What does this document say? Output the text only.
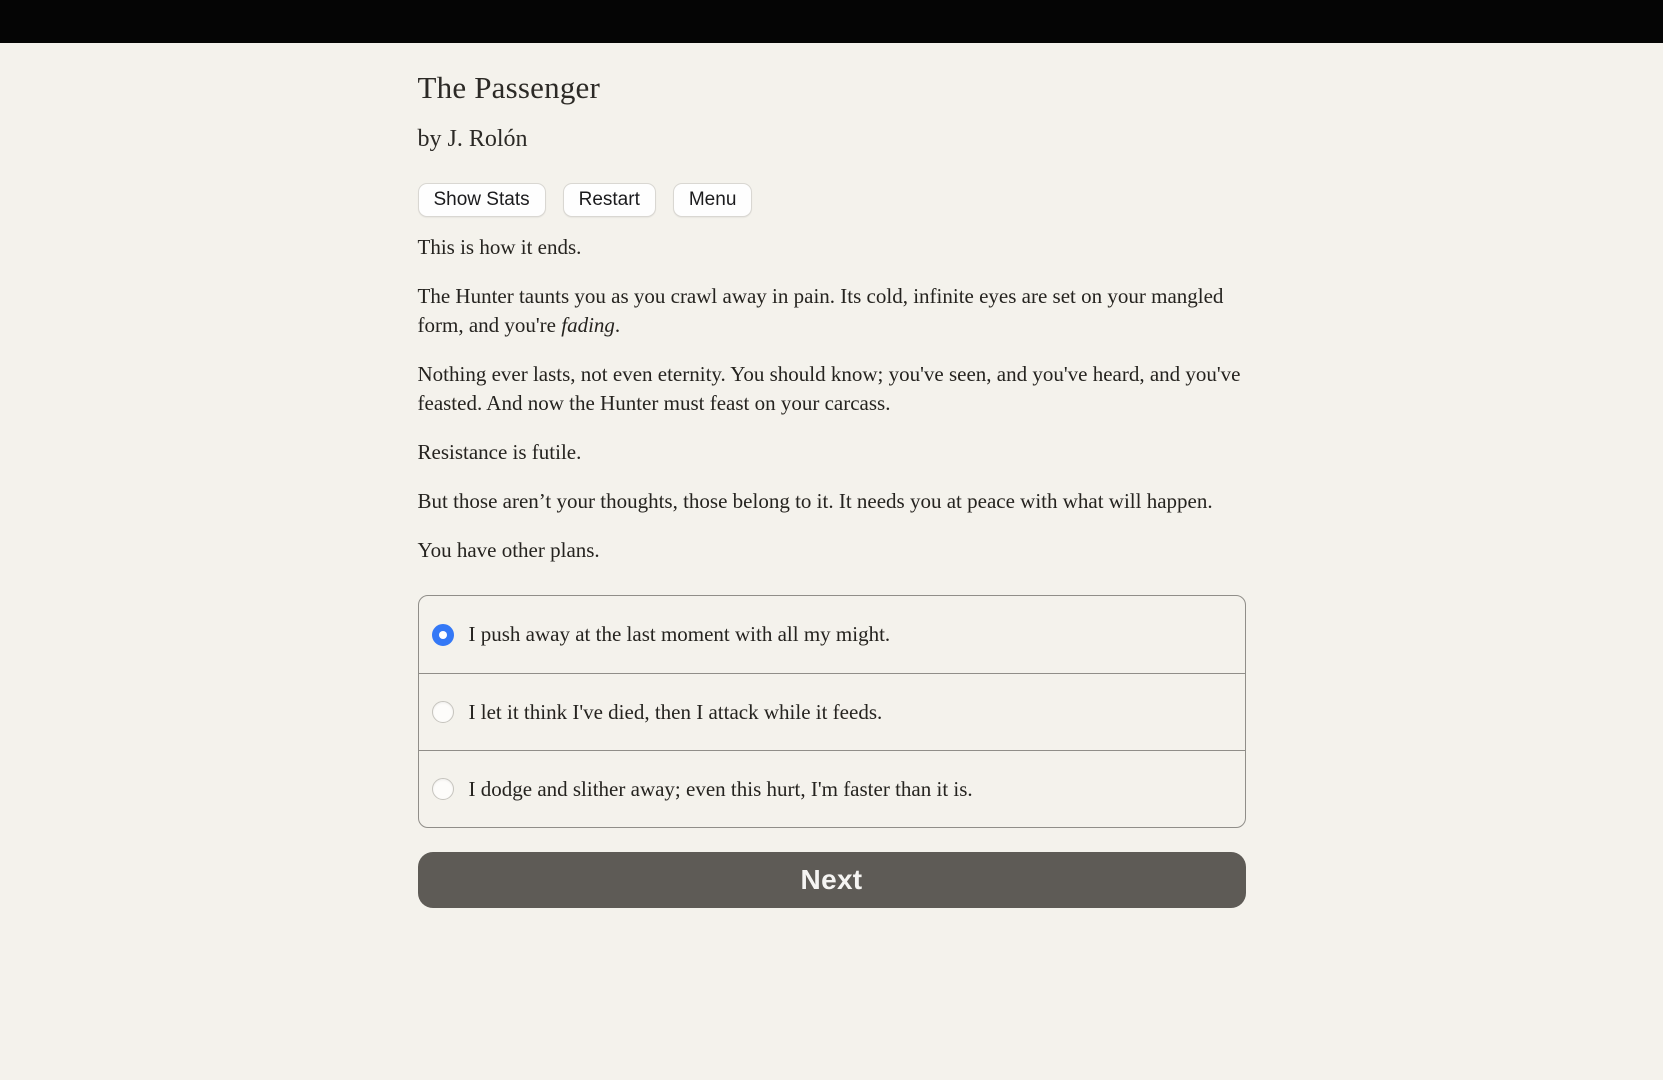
The Passenger
by J. Rolón
Show Stats	Restart	Menu

This is how it ends.

The Hunter taunts you as you crawl away in pain. Its cold, infinite eyes are set on your mangled form, and you're fading.

Nothing ever lasts, not even eternity. You should know; you've seen, and you've heard, and you've feasted. And now the Hunter must feast on your carcass.

Resistance is futile.

But those aren’t your thoughts, those belong to it. It needs you at peace with what will happen.

You have other plans.

I push away at the last moment with all my might.
I let it think I've died, then I attack while it feeds.
I dodge and slither away; even this hurt, I'm faster than it is.
Next
